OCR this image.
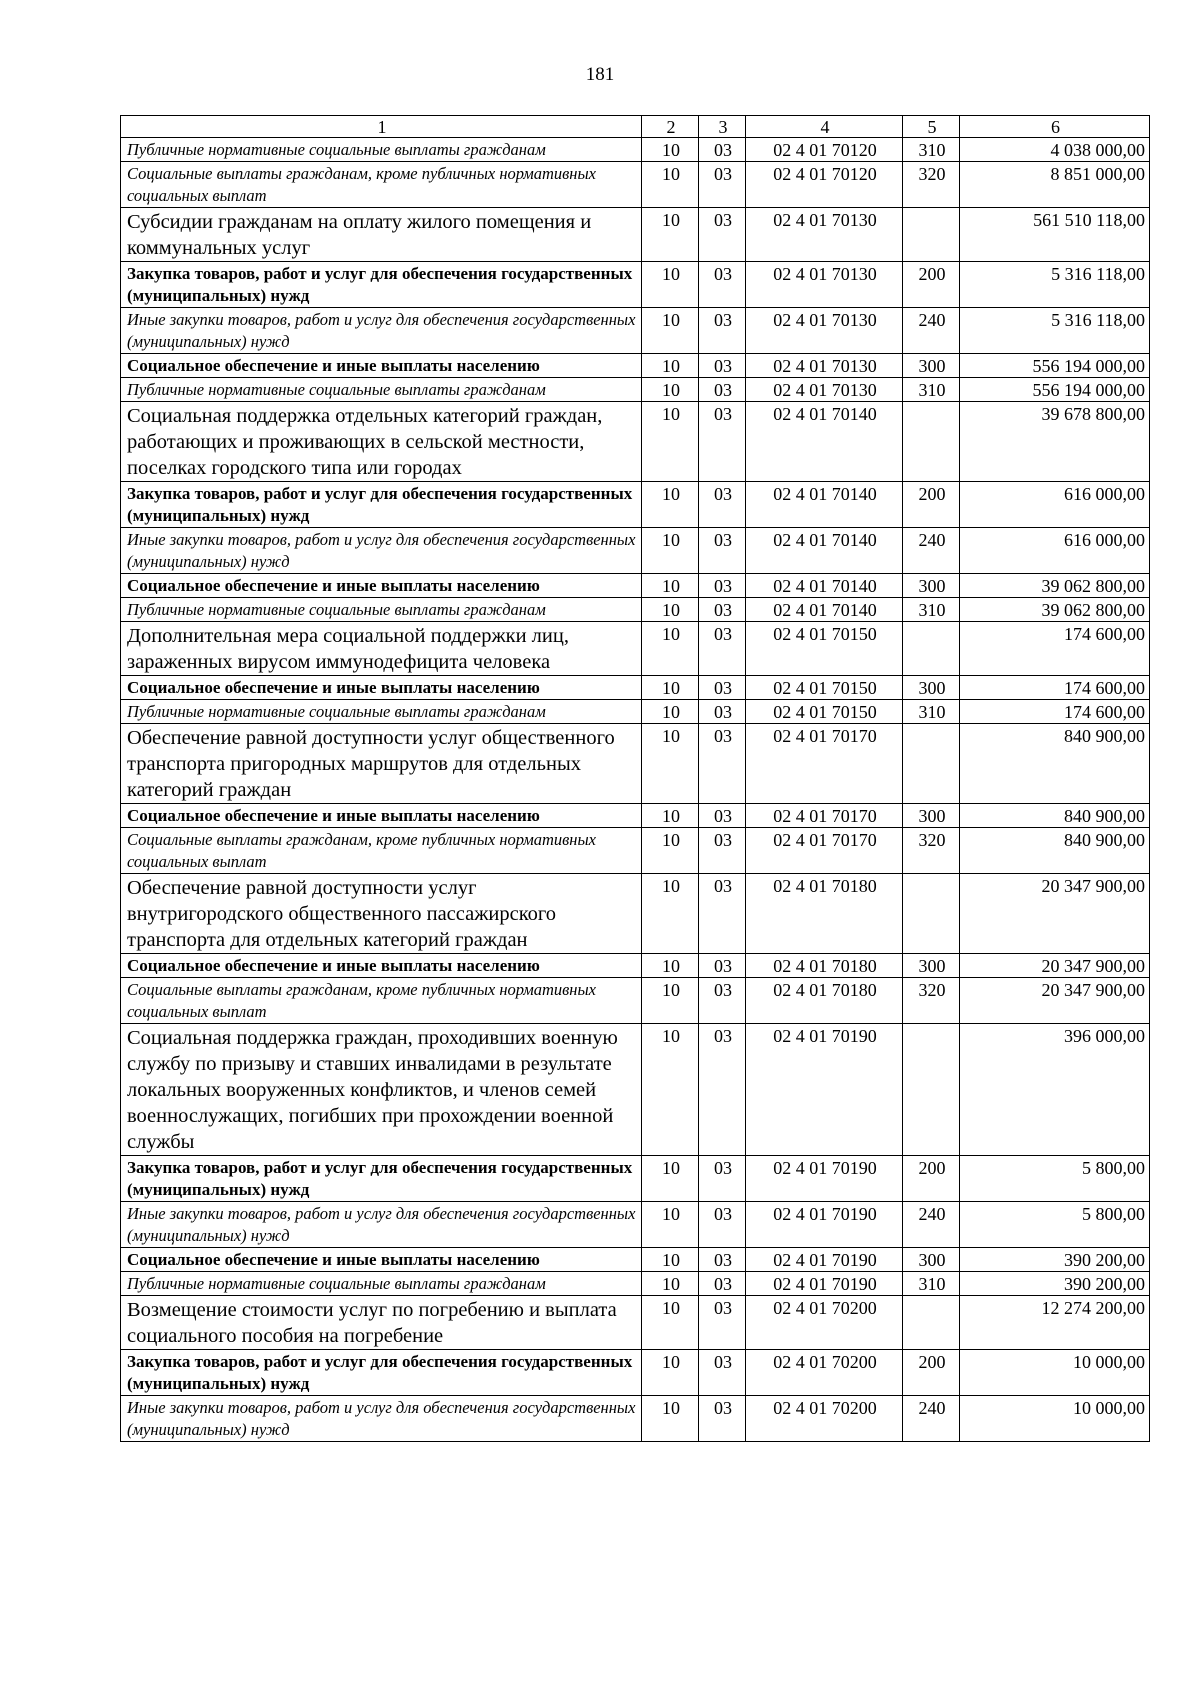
181
1	2	3	4	5	6
Публичные нормативные социальные выплаты гражданам	10	03	02 4 01 70120	310	4 038 000,00
Социальные выплаты гражданам, кроме публичных нормативных социальных выплат	10	03	02 4 01 70120	320	8 851 000,00
Субсидии гражданам на оплату жилого помещения и коммунальных услуг	10	03	02 4 01 70130		561 510 118,00
Закупка товаров, работ и услуг для обеспечения государственных (муниципальных) нужд	10	03	02 4 01 70130	200	5 316 118,00
Иные закупки товаров, работ и услуг для обеспечения государственных (муниципальных) нужд	10	03	02 4 01 70130	240	5 316 118,00
Социальное обеспечение и иные выплаты населению	10	03	02 4 01 70130	300	556 194 000,00
Публичные нормативные социальные выплаты гражданам	10	03	02 4 01 70130	310	556 194 000,00
Социальная поддержка отдельных категорий граждан, работающих и проживающих в сельской местности, поселках городского типа или городах	10	03	02 4 01 70140		39 678 800,00
Закупка товаров, работ и услуг для обеспечения государственных (муниципальных) нужд	10	03	02 4 01 70140	200	616 000,00
Иные закупки товаров, работ и услуг для обеспечения государственных (муниципальных) нужд	10	03	02 4 01 70140	240	616 000,00
Социальное обеспечение и иные выплаты населению	10	03	02 4 01 70140	300	39 062 800,00
Публичные нормативные социальные выплаты гражданам	10	03	02 4 01 70140	310	39 062 800,00
Дополнительная мера социальной поддержки лиц, зараженных вирусом иммунодефицита человека	10	03	02 4 01 70150		174 600,00
Социальное обеспечение и иные выплаты населению	10	03	02 4 01 70150	300	174 600,00
Публичные нормативные социальные выплаты гражданам	10	03	02 4 01 70150	310	174 600,00
Обеспечение равной доступности услуг общественного транспорта пригородных маршрутов для отдельных категорий граждан	10	03	02 4 01 70170		840 900,00
Социальное обеспечение и иные выплаты населению	10	03	02 4 01 70170	300	840 900,00
Социальные выплаты гражданам, кроме публичных нормативных социальных выплат	10	03	02 4 01 70170	320	840 900,00
Обеспечение равной доступности услуг внутригородского общественного пассажирского транспорта для отдельных категорий граждан	10	03	02 4 01 70180		20 347 900,00
Социальное обеспечение и иные выплаты населению	10	03	02 4 01 70180	300	20 347 900,00
Социальные выплаты гражданам, кроме публичных нормативных социальных выплат	10	03	02 4 01 70180	320	20 347 900,00
Социальная поддержка граждан, проходивших военную службу по призыву и ставших инвалидами в результате локальных вооруженных конфликтов, и членов семей военнослужащих, погибших при прохождении военной службы	10	03	02 4 01 70190		396 000,00
Закупка товаров, работ и услуг для обеспечения государственных (муниципальных) нужд	10	03	02 4 01 70190	200	5 800,00
Иные закупки товаров, работ и услуг для обеспечения государственных (муниципальных) нужд	10	03	02 4 01 70190	240	5 800,00
Социальное обеспечение и иные выплаты населению	10	03	02 4 01 70190	300	390 200,00
Публичные нормативные социальные выплаты гражданам	10	03	02 4 01 70190	310	390 200,00
Возмещение стоимости услуг по погребению и выплата социального пособия на погребение	10	03	02 4 01 70200		12 274 200,00
Закупка товаров, работ и услуг для обеспечения государственных (муниципальных) нужд	10	03	02 4 01 70200	200	10 000,00
Иные закупки товаров, работ и услуг для обеспечения государственных (муниципальных) нужд	10	03	02 4 01 70200	240	10 000,00
